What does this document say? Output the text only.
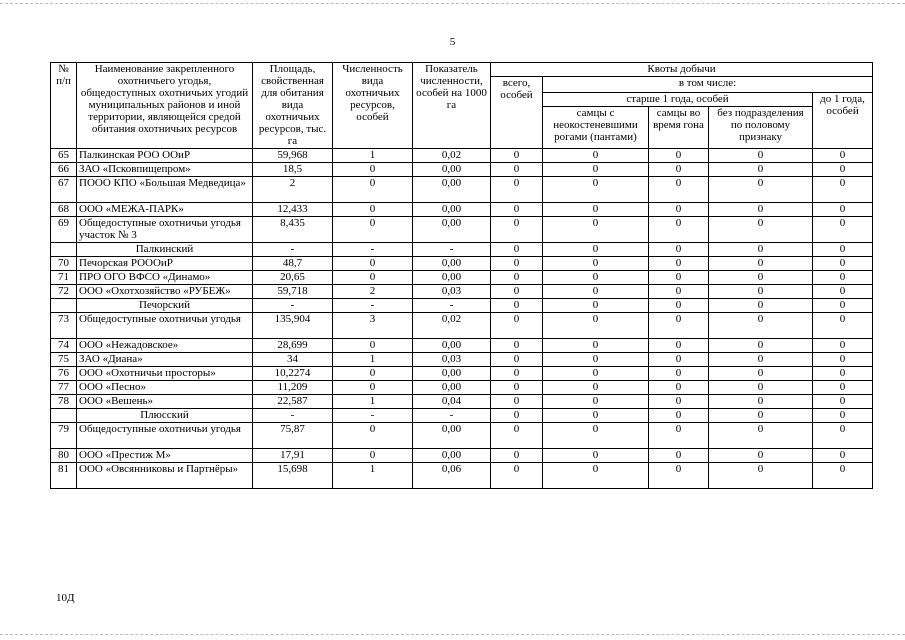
5
№ п/п	Наименование закрепленного охотничьего угодья, общедоступных охотничьих угодий муниципальных районов и иной территории, являющейся средой обитания охотничьих ресурсов	Площадь, свойственная для обитания вида охотничьих ресурсов, тыс. га	Численность вида охотничьих ресурсов, особей	Показатель численности, особей на 1000 га	Квоты добычи				
					всего, особей	в том числе:			
						старше 1 года, особей			до 1 года, особей
						самцы с неокостеневшими рогами (пантами)	самцы во время гона	без подразделения по половому признаку	
65	Палкинская РОО ООиР	59,968	1	0,02	0	0	0	0	0
66	ЗАО «Псковпищепром»	18,5	0	0,00	0	0	0	0	0
67	ПООО КПО «Большая Медведица»	2	0	0,00	0	0	0	0	0
68	ООО «МЕЖА-ПАРК»	12,433	0	0,00	0	0	0	0	0
69	Общедоступные охотничьи угодья участок № 3	8,435	0	0,00	0	0	0	0	0
	Палкинский	-	-	-	0	0	0	0	0
70	Печорская РОООиР	48,7	0	0,00	0	0	0	0	0
71	ПРО ОГО ВФСО «Динамо»	20,65	0	0,00	0	0	0	0	0
72	ООО «Охотхозяйство «РУБЕЖ»	59,718	2	0,03	0	0	0	0	0
	Печорский	-	-	-	0	0	0	0	0
73	Общедоступные охотничьи угодья	135,904	3	0,02	0	0	0	0	0
74	ООО «Нежадовское»	28,699	0	0,00	0	0	0	0	0
75	ЗАО «Диана»	34	1	0,03	0	0	0	0	0
76	ООО «Охотничьи просторы»	10,2274	0	0,00	0	0	0	0	0
77	ООО «Песно»	11,209	0	0,00	0	0	0	0	0
78	ООО «Вешень»	22,587	1	0,04	0	0	0	0	0
	Плюсский	-	-	-	0	0	0	0	0
79	Общедоступные охотничьи угодья	75,87	0	0,00	0	0	0	0	0
80	ООО «Престиж М»	17,91	0	0,00	0	0	0	0	0
81	ООО «Овсянниковы и Партнёры»	15,698	1	0,06	0	0	0	0	0
10Д
